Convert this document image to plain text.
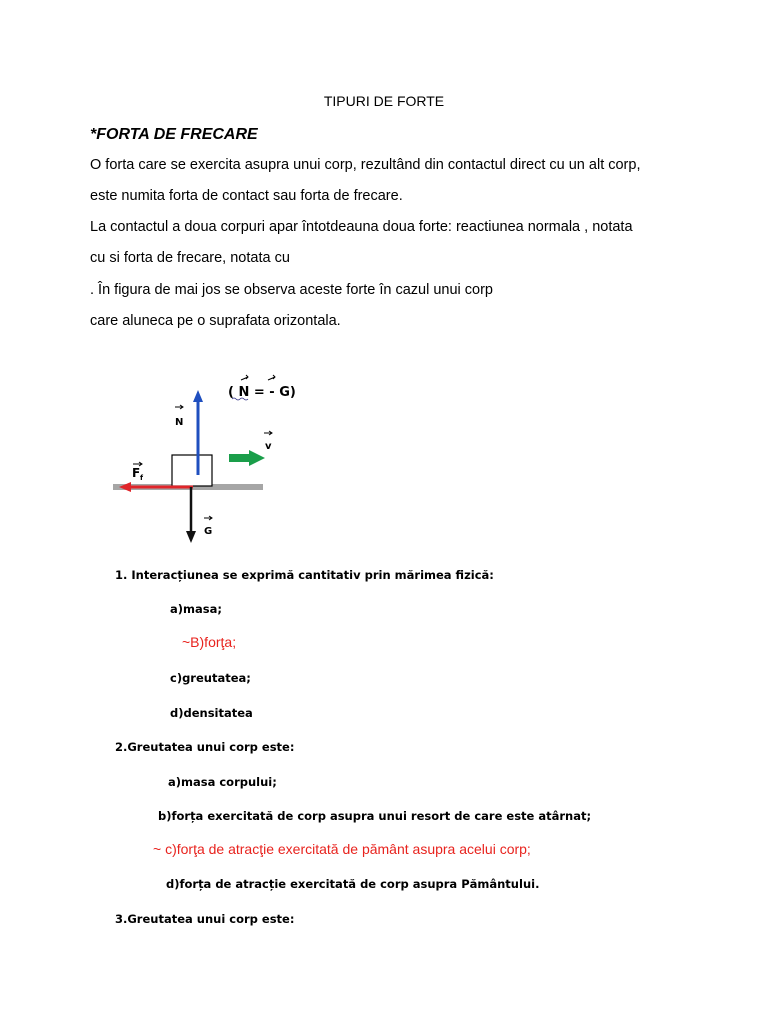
TIPURI DE FORTE
*FORTA DE FRECARE
O forta care se exercita asupra unui corp, rezultând din contactul direct cu un alt corp,
este numita forta de contact sau forta de frecare.
La contactul a doua corpuri apar întotdeauna doua forte: reactiunea normala , notata
cu si forta de frecare, notata cu
. În figura de mai jos se observa aceste forte în cazul unui corp
care aluneca pe o suprafata orizontala.
( N = - G)
N
v
F f
G
1. Interacțiunea se exprimă cantitativ prin mărimea fizică:
a)masa;
~B)forţa;
c)greutatea;
d)densitatea
2.Greutatea unui corp este:
a)masa corpului;
b)forța exercitată de corp asupra unui resort de care este atârnat;
~ c)forţa de atracţie exercitată de pământ asupra acelui corp;
d)forța de atracție exercitată de corp asupra Pământului.
3.Greutatea unui corp este:
